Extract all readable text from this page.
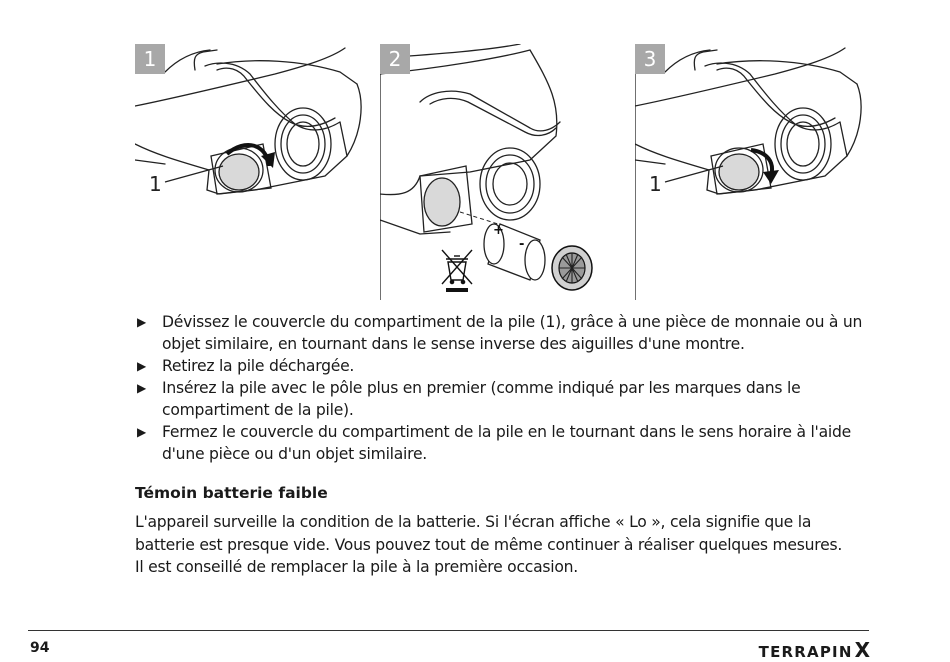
1
1
+
-
2
1
3
▶ Dévissez le couvercle du compartiment de la pile (1), grâce à une pièce de monnaie ou à un objet similaire, en tournant dans le sense inverse des aiguilles d'une montre.
▶ Retirez la pile déchargée.
▶ Insérez la pile avec le pôle plus en premier (comme indiqué par les marques dans le compartiment de la pile).
▶ Fermez le couvercle du compartiment de la pile en le tournant dans le sens horaire à l'aide d'une pièce ou d'un objet similaire.
Témoin batterie faible

L'appareil surveille la condition de la batterie. Si l'écran affiche « Lo », cela signifie que la batterie est presque vide. Vous pouvez tout de même continuer à réaliser quelques mesures. Il est conseillé de remplacer la pile à la première occasion.

94	TERRAPIN X
